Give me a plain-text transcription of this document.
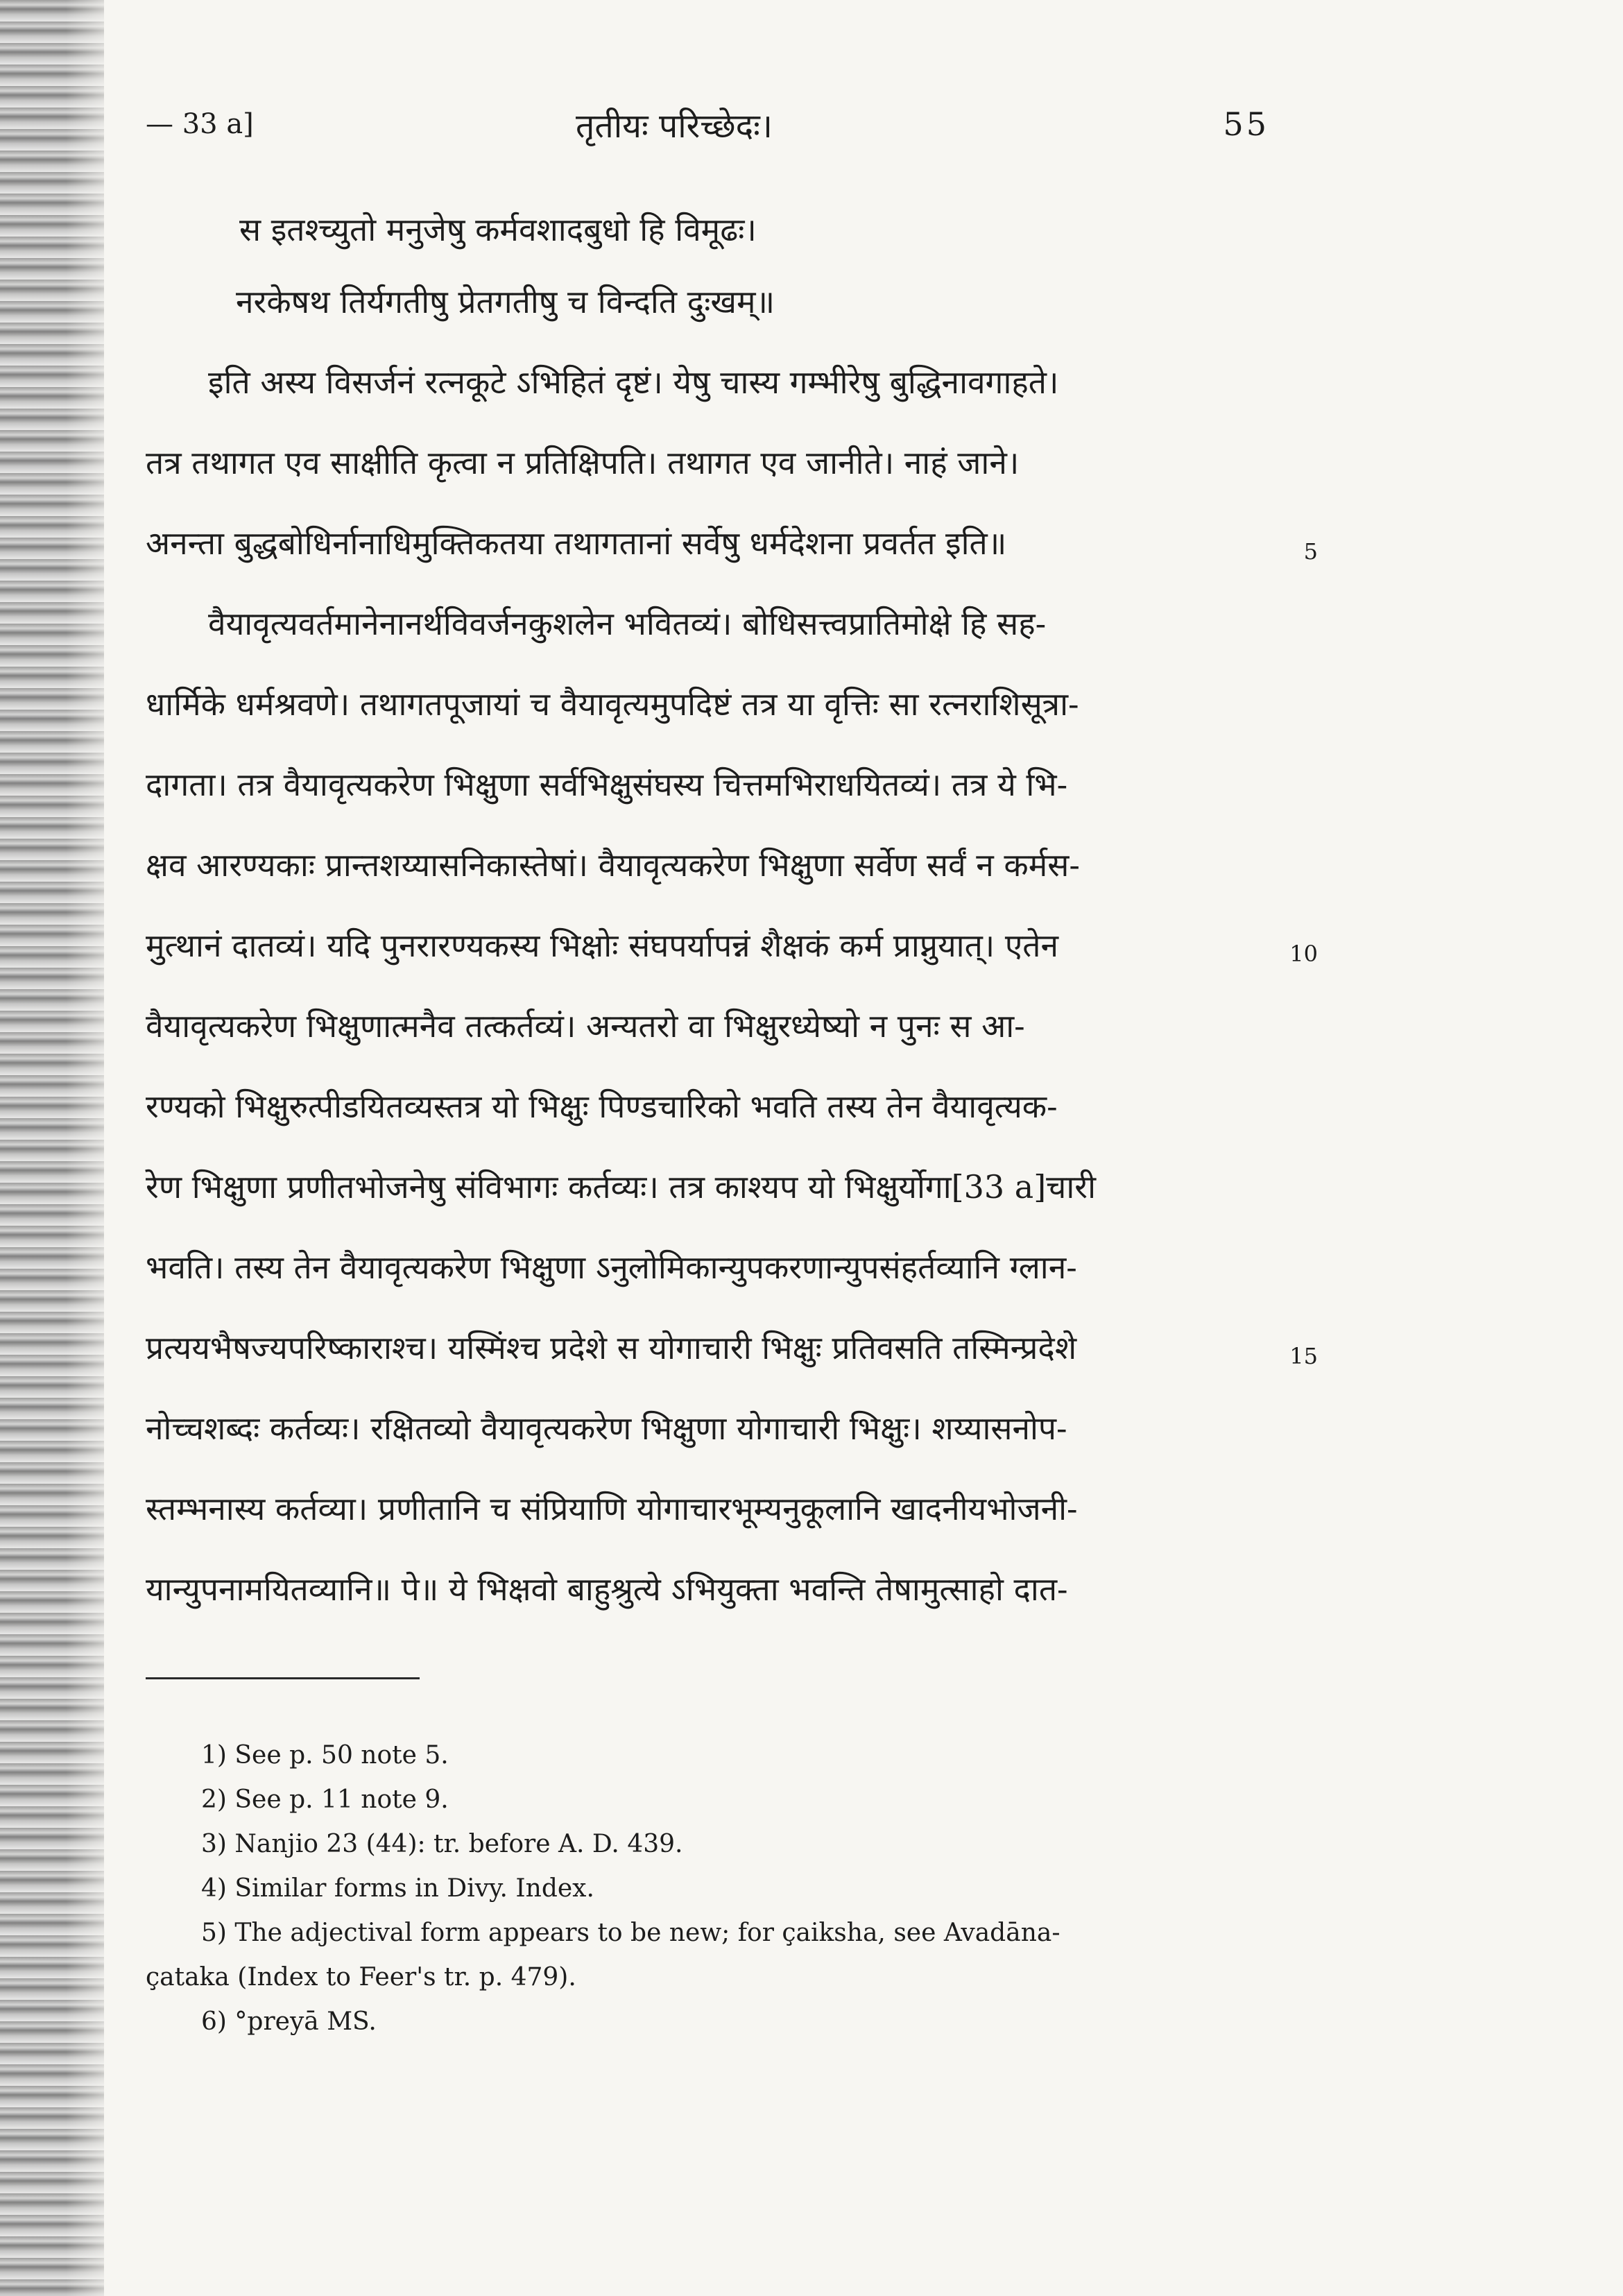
— 33 a]	तृतीयः परिच्छेदः।	55
स इतश्च्युतो मनुजेषु कर्मवशादबुधो हि विमूढः।
नरकेषथ तिर्यगतीषु प्रेतगतीषु च विन्दति दुःखम्॥
इति अस्य विसर्जनं रत्नकूटे ऽभिहितं दृष्टं। येषु चास्य गम्भीरेषु बुद्धिनावगाहते।
तत्र तथागत एव साक्षीति कृत्वा न प्रतिक्षिपति। तथागत एव जानीते। नाहं जाने।
अनन्ता बुद्धबोधिर्नानाधिमुक्तिकतया तथागतानां सर्वेषु धर्मदेशना प्रवर्तत इति॥
वैयावृत्यवर्तमानेनानर्थविवर्जनकुशलेन भवितव्यं। बोधिसत्त्वप्रातिमोक्षे हि सह-
धार्मिके धर्मश्रवणे। तथागतपूजायां च वैयावृत्यमुपदिष्टं तत्र या वृत्तिः सा रत्नराशिसूत्रा-
दागता। तत्र वैयावृत्यकरेण भिक्षुणा सर्वभिक्षुसंघस्य चित्तमभिराधयितव्यं। तत्र ये भि-
क्षव आरण्यकाः प्रान्तशय्यासनिकास्तेषां। वैयावृत्यकरेण भिक्षुणा सर्वेण सर्वं न कर्मस-
मुत्थानं दातव्यं। यदि पुनरारण्यकस्य भिक्षोः संघपर्यापन्नं शैक्षकं कर्म प्राप्नुयात्। एतेन
वैयावृत्यकरेण भिक्षुणात्मनैव तत्कर्तव्यं। अन्यतरो वा भिक्षुरध्येष्यो न पुनः स आ-
रण्यको भिक्षुरुत्पीडयितव्यस्तत्र यो भिक्षुः पिण्डचारिको भवति तस्य तेन वैयावृत्यक-
रेण भिक्षुणा प्रणीतभोजनेषु संविभागः कर्तव्यः। तत्र काश्यप यो भिक्षुर्योगा[33 a]चारी
भवति। तस्य तेन वैयावृत्यकरेण भिक्षुणा ऽनुलोमिकान्युपकरणान्युपसंहर्तव्यानि ग्लान-
प्रत्ययभैषज्यपरिष्काराश्च। यस्मिंश्च प्रदेशे स योगाचारी भिक्षुः प्रतिवसति तस्मिन्प्रदेशे
नोच्चशब्दः कर्तव्यः। रक्षितव्यो वैयावृत्यकरेण भिक्षुणा योगाचारी भिक्षुः। शय्यासनोप-
स्तम्भनास्य कर्तव्या। प्रणीतानि च संप्रियाणि योगाचारभूम्यनुकूलानि खादनीयभोजनी-
यान्युपनामयितव्यानि॥ पे॥ ये भिक्षवो बाहुश्रुत्ये ऽभियुक्ता भवन्ति तेषामुत्साहो दात-
5
10
15
1) See p. 50 note 5.
2) See p. 11 note 9.
3) Nanjio 23 (44): tr. before A. D. 439.
4) Similar forms in Divy. Index.
5) The adjectival form appears to be new; for çaiksha, see Avadāna-
çataka (Index to Feer's tr. p. 479).
6) °preyā MS.
